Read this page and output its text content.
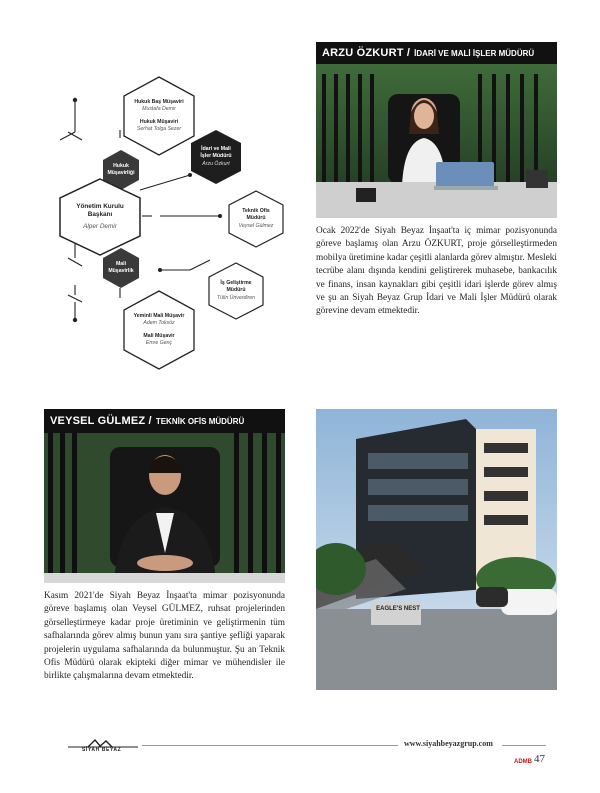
Hukuk Baş Müşaviri
Mustafa Demir
Hukuk Müşaviri
Serhat Tolga Sezer
Hukuk Müşavirliği
Yönetim Kurulu Başkanı
Alper Demir
İdari ve Mali İşler Müdürü
Arzu Özkurt
Teknik Ofis Müdürü
Veysel Gülmez
Mali Müşavirlik
İş Geliştirme Müdürü
Tülin Ünverdiren
Yeminli Mali Müşavir
Adem Toksöz
Mali Müşavir
Emre Genç
ARZU ÖZKURT / İDARİ VE MALİ İŞLER MÜDÜRÜ
Ocak 2022'de Siyah Beyaz İnşaat'ta iç mimar pozisyonunda göreve başlamış olan Arzu ÖZKURT, proje görselleştirmeden mobilya üretimine kadar çeşitli alanlarda görev almıştır. Mesleki tecrübe alanı dışında kendini geliştirerek muhasebe, bankacılık ve finans, insan kaynakları gibi çeşitli idari işlerde görev almış ve şu an Siyah Beyaz Grup İdari ve Mali İşler Müdürü olarak görevine devam etmektedir.
VEYSEL GÜLMEZ / TEKNİK OFİS MÜDÜRÜ
Kasım 2021'de Siyah Beyaz İnşaat'ta mimar pozisyonunda göreve başlamış olan Veysel GÜLMEZ, ruhsat projelerinden görselleştirmeye kadar proje üretiminin ve geliştirmenin tüm safhalarında görev almış bunun yanı sıra şantiye şefliği yaparak projelerin uygulama safhalarında da bulunmuştur. Şu an Teknik Ofis Müdürü olarak ekipteki diğer mimar ve mühendisler ile birlikte çalışmalarına devam etmektedir.
EAGLE'S NEST
SİYAH BEYAZ
www.siyahbeyazgrup.com
ADMB 47
